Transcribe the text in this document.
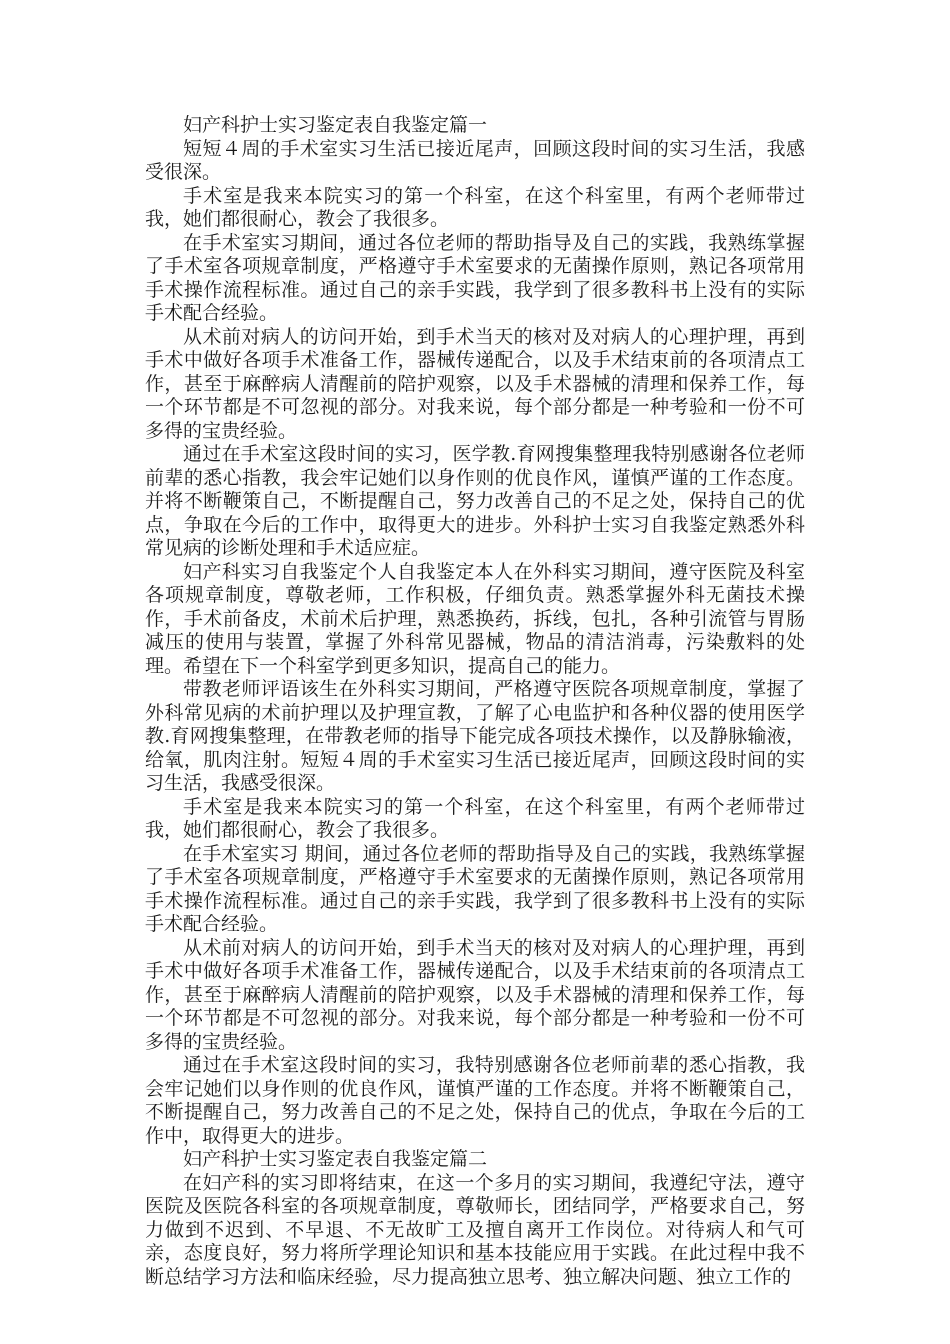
妇产科护士实习鉴定表自我鉴定篇一

短短４周的手术室实习生活已接近尾声，回顾这段时间的实习生活，我感受很深。

手术室是我来本院实习的第一个科室，在这个科室里，有两个老师带过我，她们都很耐心，教会了我很多。

在手术室实习期间，通过各位老师的帮助指导及自己的实践，我熟练掌握了手术室各项规章制度，严格遵守手术室要求的无菌操作原则，熟记各项常用手术操作流程标准。通过自己的亲手实践，我学到了很多教科书上没有的实际手术配合经验。

从术前对病人的访问开始，到手术当天的核对及对病人的心理护理，再到手术中做好各项手术准备工作，器械传递配合，以及手术结束前的各项清点工作，甚至于麻醉病人清醒前的陪护观察，以及手术器械的清理和保养工作，每一个环节都是不可忽视的部分。对我来说，每个部分都是一种考验和一份不可多得的宝贵经验。

通过在手术室这段时间的实习，医学教.育网搜集整理我特别感谢各位老师前辈的悉心指教，我会牢记她们以身作则的优良作风，谨慎严谨的工作态度。并将不断鞭策自己，不断提醒自己，努力改善自己的不足之处，保持自己的优点，争取在今后的工作中，取得更大的进步。外科护士实习自我鉴定熟悉外科常见病的诊断处理和手术适应症。

妇产科实习自我鉴定个人自我鉴定本人在外科实习期间，遵守医院及科室各项规章制度，尊敬老师，工作积极，仔细负责。熟悉掌握外科无菌技术操作，手术前备皮，术前术后护理，熟悉换药，拆线，包扎，各种引流管与胃肠减压的使用与装置，掌握了外科常见器械，物品的清洁消毒，污染敷料的处理。希望在下一个科室学到更多知识，提高自己的能力。

带教老师评语该生在外科实习期间，严格遵守医院各项规章制度，掌握了外科常见病的术前护理以及护理宣教，了解了心电监护和各种仪器的使用医学教.育网搜集整理，在带教老师的指导下能完成各项技术操作，以及静脉输液，给氧，肌肉注射。短短４周的手术室实习生活已接近尾声，回顾这段时间的实习生活，我感受很深。

手术室是我来本院实习的第一个科室，在这个科室里，有两个老师带过我，她们都很耐心，教会了我很多。

在手术室实习 期间，通过各位老师的帮助指导及自己的实践，我熟练掌握了手术室各项规章制度，严格遵守手术室要求的无菌操作原则，熟记各项常用手术操作流程标准。通过自己的亲手实践，我学到了很多教科书上没有的实际手术配合经验。

从术前对病人的访问开始，到手术当天的核对及对病人的心理护理，再到手术中做好各项手术准备工作，器械传递配合，以及手术结束前的各项清点工作，甚至于麻醉病人清醒前的陪护观察，以及手术器械的清理和保养工作，每一个环节都是不可忽视的部分。对我来说，每个部分都是一种考验和一份不可多得的宝贵经验。

通过在手术室这段时间的实习，我特别感谢各位老师前辈的悉心指教，我会牢记她们以身作则的优良作风，谨慎严谨的工作态度。并将不断鞭策自己，不断提醒自己，努力改善自己的不足之处，保持自己的优点，争取在今后的工作中，取得更大的进步。

妇产科护士实习鉴定表自我鉴定篇二

在妇产科的实习即将结束，在这一个多月的实习期间，我遵纪守法，遵守医院及医院各科室的各项规章制度，尊敬师长，团结同学，严格要求自己，努力做到不迟到、不早退、不无故旷工及擅自离开工作岗位。对待病人和气可亲，态度良好，努力将所学理论知识和基本技能应用于实践。在此过程中我不断总结学习方法和临床经验，尽力提高独立思考、独立解决问题、独立工作的
